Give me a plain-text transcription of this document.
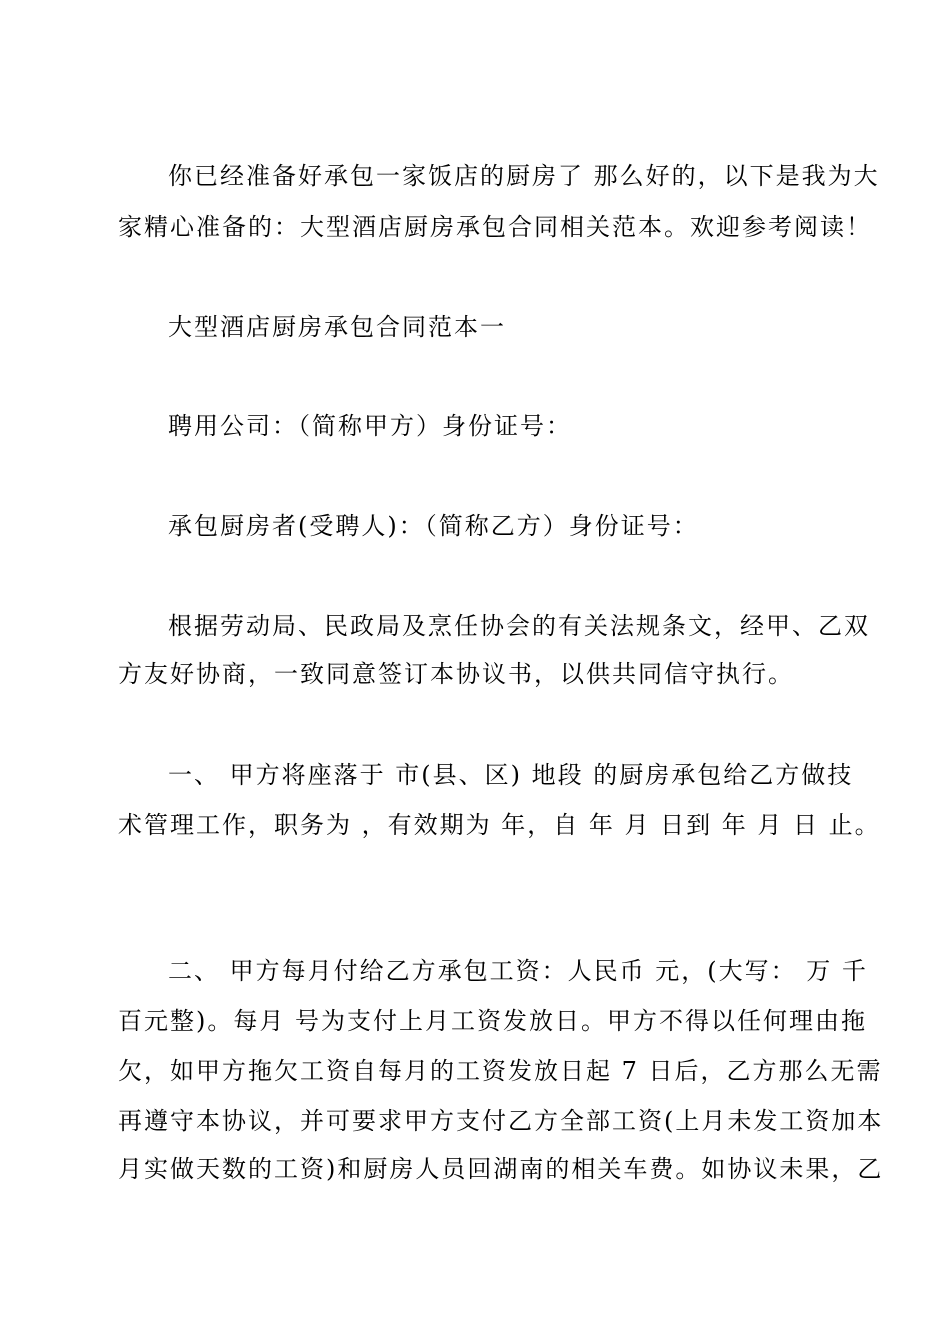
你已经准备好承包一家饭店的厨房了 那么好的，以下是我为大
家精心准备的：大型酒店厨房承包合同相关范本。欢迎参考阅读！
大型酒店厨房承包合同范本一
聘用公司：（简称甲方）身份证号：
承包厨房者(受聘人)：（简称乙方）身份证号：
根据劳动局、民政局及烹任协会的有关法规条文，经甲、乙双
方友好协商，一致同意签订本协议书，以供共同信守执行。
一、 甲方将座落于 市(县、区) 地段 的厨房承包给乙方做技
术管理工作，职务为 ，有效期为 年，自 年 月 日到 年 月 日 止。
二、 甲方每月付给乙方承包工资：人民币 元，(大写： 万 千
百元整)。每月 号为支付上月工资发放日。甲方不得以任何理由拖
欠，如甲方拖欠工资自每月的工资发放日起 7 日后，乙方那么无需
再遵守本协议，并可要求甲方支付乙方全部工资(上月未发工资加本
月实做天数的工资)和厨房人员回湖南的相关车费。如协议未果，乙
